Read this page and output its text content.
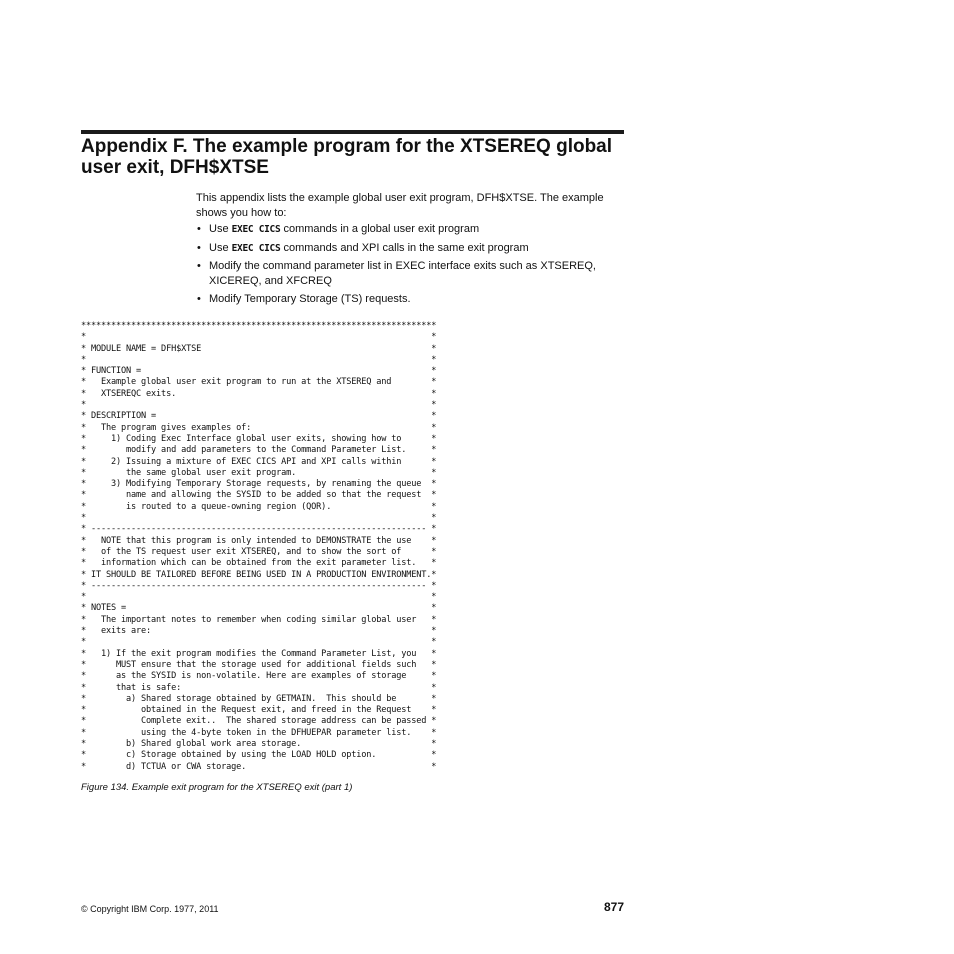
Appendix F. The example program for the XTSEREQ global
user exit, DFH$XTSE

This appendix lists the example global user exit program, DFH$XTSE. The example shows you how to:

• Use EXEC CICS commands in a global user exit program
• Use EXEC CICS commands and XPI calls in the same exit program
• Modify the command parameter list in EXEC interface exits such as XTSEREQ, XICEREQ, and XFCREQ
• Modify Temporary Storage (TS) requests.
***********************************************************************
*                                                                     *
* MODULE NAME = DFH$XTSE                                              *
*                                                                     *
* FUNCTION =                                                          *
*   Example global user exit program to run at the XTSEREQ and        *
*   XTSEREQC exits.                                                   *
*                                                                     *
* DESCRIPTION =                                                       *
*   The program gives examples of:                                    *
*     1) Coding Exec Interface global user exits, showing how to      *
*        modify and add parameters to the Command Parameter List.     *
*     2) Issuing a mixture of EXEC CICS API and XPI calls within      *
*        the same global user exit program.                           *
*     3) Modifying Temporary Storage requests, by renaming the queue  *
*        name and allowing the SYSID to be added so that the request  *
*        is routed to a queue-owning region (QOR).                    *
*                                                                     *
* ------------------------------------------------------------------- *
*   NOTE that this program is only intended to DEMONSTRATE the use    *
*   of the TS request user exit XTSEREQ, and to show the sort of      *
*   information which can be obtained from the exit parameter list.   *
* IT SHOULD BE TAILORED BEFORE BEING USED IN A PRODUCTION ENVIRONMENT.*
* ------------------------------------------------------------------- *
*                                                                     *
* NOTES =                                                             *
*   The important notes to remember when coding similar global user   *
*   exits are:                                                        *
*                                                                     *
*   1) If the exit program modifies the Command Parameter List, you   *
*      MUST ensure that the storage used for additional fields such   *
*      as the SYSID is non-volatile. Here are examples of storage     *
*      that is safe:                                                  *
*        a) Shared storage obtained by GETMAIN.  This should be       *
*           obtained in the Request exit, and freed in the Request    *
*           Complete exit..  The shared storage address can be passed *
*           using the 4-byte token in the DFHUEPAR parameter list.    *
*        b) Shared global work area storage.                          *
*        c) Storage obtained by using the LOAD HOLD option.           *
*        d) TCTUA or CWA storage.                                     *

Figure 134. Example exit program for the XTSEREQ exit (part 1)

© Copyright IBM Corp. 1977, 2011	877
